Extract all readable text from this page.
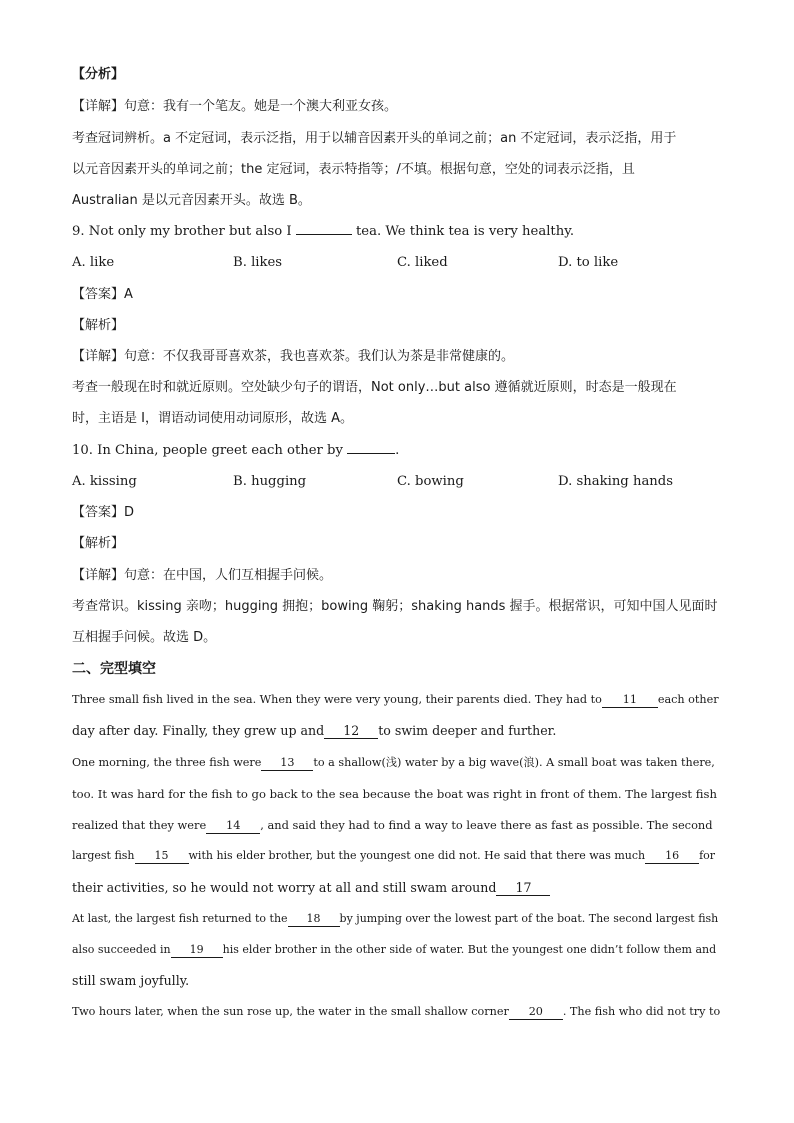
【分析】
【详解】句意：我有一个笔友。她是一个澳大利亚女孩。
考查冠词辨析。a 不定冠词，表示泛指，用于以辅音因素开头的单词之前；an 不定冠词，表示泛指，用于
以元音因素开头的单词之前；the 定冠词，表示特指等；/不填。根据句意，空处的词表示泛指，且
Australian 是以元音因素开头。故选 B。
9. Not only my brother but also I	tea. We think tea is very healthy.
A. like	B. likes	C. liked	D. to like
【答案】A
【解析】
【详解】句意：不仅我哥哥喜欢茶，我也喜欢茶。我们认为茶是非常健康的。
考查一般现在时和就近原则。空处缺少句子的谓语，Not only…but also 遵循就近原则，时态是一般现在
时，主语是 I，谓语动词使用动词原形，故选 A。
10. In China, people greet each other by	.
A. kissing	B. hugging	C. bowing	D. shaking hands
【答案】D
【解析】
【详解】句意：在中国，人们互相握手问候。
考查常识。kissing 亲吻；hugging 拥抱；bowing 鞠躬；shaking hands 握手。根据常识，可知中国人见面时
互相握手问候。故选 D。
二、完型填空
Three small fish lived in the sea. When they were very young, their parents died. They had to 11 each other
day after day. Finally, they grew up and 12 to swim deeper and further.
One morning, the three fish were 13 to a shallow(浅) water by a big wave(浪). A small boat was taken there,
too. It was hard for the fish to go back to the sea because the boat was right in front of them. The largest fish
realized that they were 14 , and said they had to find a way to leave there as fast as possible. The second
largest fish 15 with his elder brother, but the youngest one did not. He said that there was much 16 for
their activities, so he would not worry at all and still swam around 17
At last, the largest fish returned to the 18 by jumping over the lowest part of the boat. The second largest fish
also succeeded in 19 his elder brother in the other side of water. But the youngest one didn’t follow them and
still swam joyfully.
Two hours later, when the sun rose up, the water in the small shallow corner 20 . The fish who did not try to
